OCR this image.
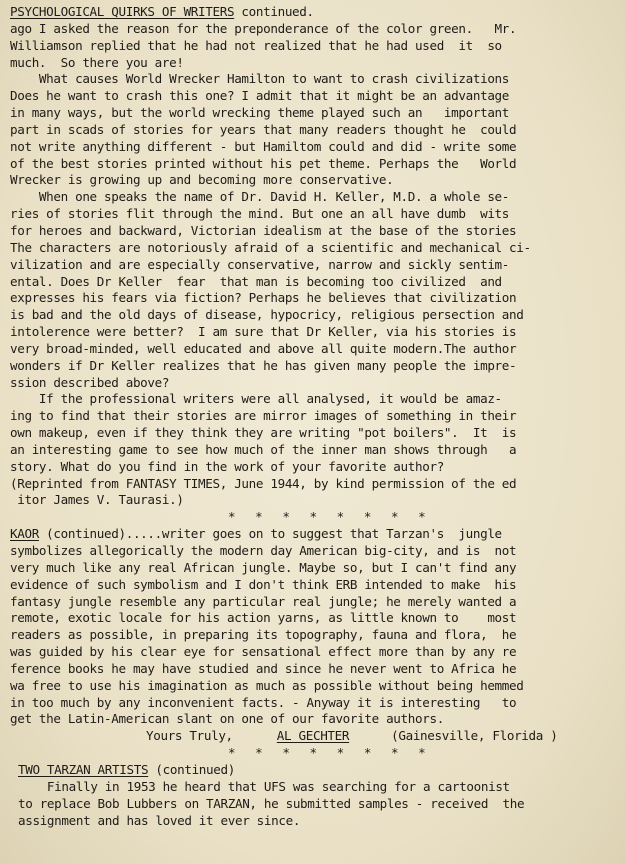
PSYCHOLOGICAL QUIRKS OF WRITERS continued.
ago I asked the reason for the preponderance of the color green.   Mr.
Williamson replied that he had not realized that he had used  it  so
much.  So there you are!
What causes World Wrecker Hamilton to want to crash civilizations
Does he want to crash this one? I admit that it might be an advantage
in many ways, but the world wrecking theme played such an   important
part in scads of stories for years that many readers thought he  could
not write anything different - but Hamiltom could and did - write some
of the best stories printed without his pet theme. Perhaps the   World
Wrecker is growing up and becoming more conservative.
When one speaks the name of Dr. David H. Keller, M.D. a whole se-
ries of stories flit through the mind. But one an all have dumb  wits
for heroes and backward, Victorian idealism at the base of the stories
The characters are notoriously afraid of a scientific and mechanical ci-
vilization and are especially conservative, narrow and sickly sentim-
ental. Does Dr Keller  fear  that man is becoming too civilized  and
expresses his fears via fiction? Perhaps he believes that civilization
is bad and the old days of disease, hypocricy, religious persection and
intolerence were better?  I am sure that Dr Keller, via his stories is
very broad-minded, well educated and above all quite modern.The author
wonders if Dr Keller realizes that he has given many people the impre-
ssion described above?
If the professional writers were all analysed, it would be amaz-
ing to find that their stories are mirror images of something in their
own makeup, even if they think they are writing "pot boilers".  It  is
an interesting game to see how much of the inner man shows through   a
story. What do you find in the work of your favorite author?
(Reprinted from FANTASY TIMES, June 1944, by kind permission of the ed
itor James V. Taurasi.)
* * * * * * * *
KAOR (continued).....writer goes on to suggest that Tarzan's  jungle
symbolizes allegorically the modern day American big-city, and is  not
very much like any real African jungle. Maybe so, but I can't find any
evidence of such symbolism and I don't think ERB intended to make  his
fantasy jungle resemble any particular real jungle; he merely wanted a
remote, exotic locale for his action yarns, as little known to    most
readers as possible, in preparing its topography, fauna and flora,  he
was guided by his clear eye for sensational effect more than by any re
ference books he may have studied and since he never went to Africa he
wa free to use his imagination as much as possible without being hemmed
in too much by any inconvenient facts. - Anyway it is interesting   to
get the Latin-American slant on one of our favorite authors.
Yours Truly,	AL GECHTER	(Gainesville, Florida )
* * * * * * * *
TWO TARZAN ARTISTS (continued)
Finally in 1953 he heard that UFS was searching for a cartoonist
to replace Bob Lubbers on TARZAN, he submitted samples - received  the
assignment and has loved it ever since.
